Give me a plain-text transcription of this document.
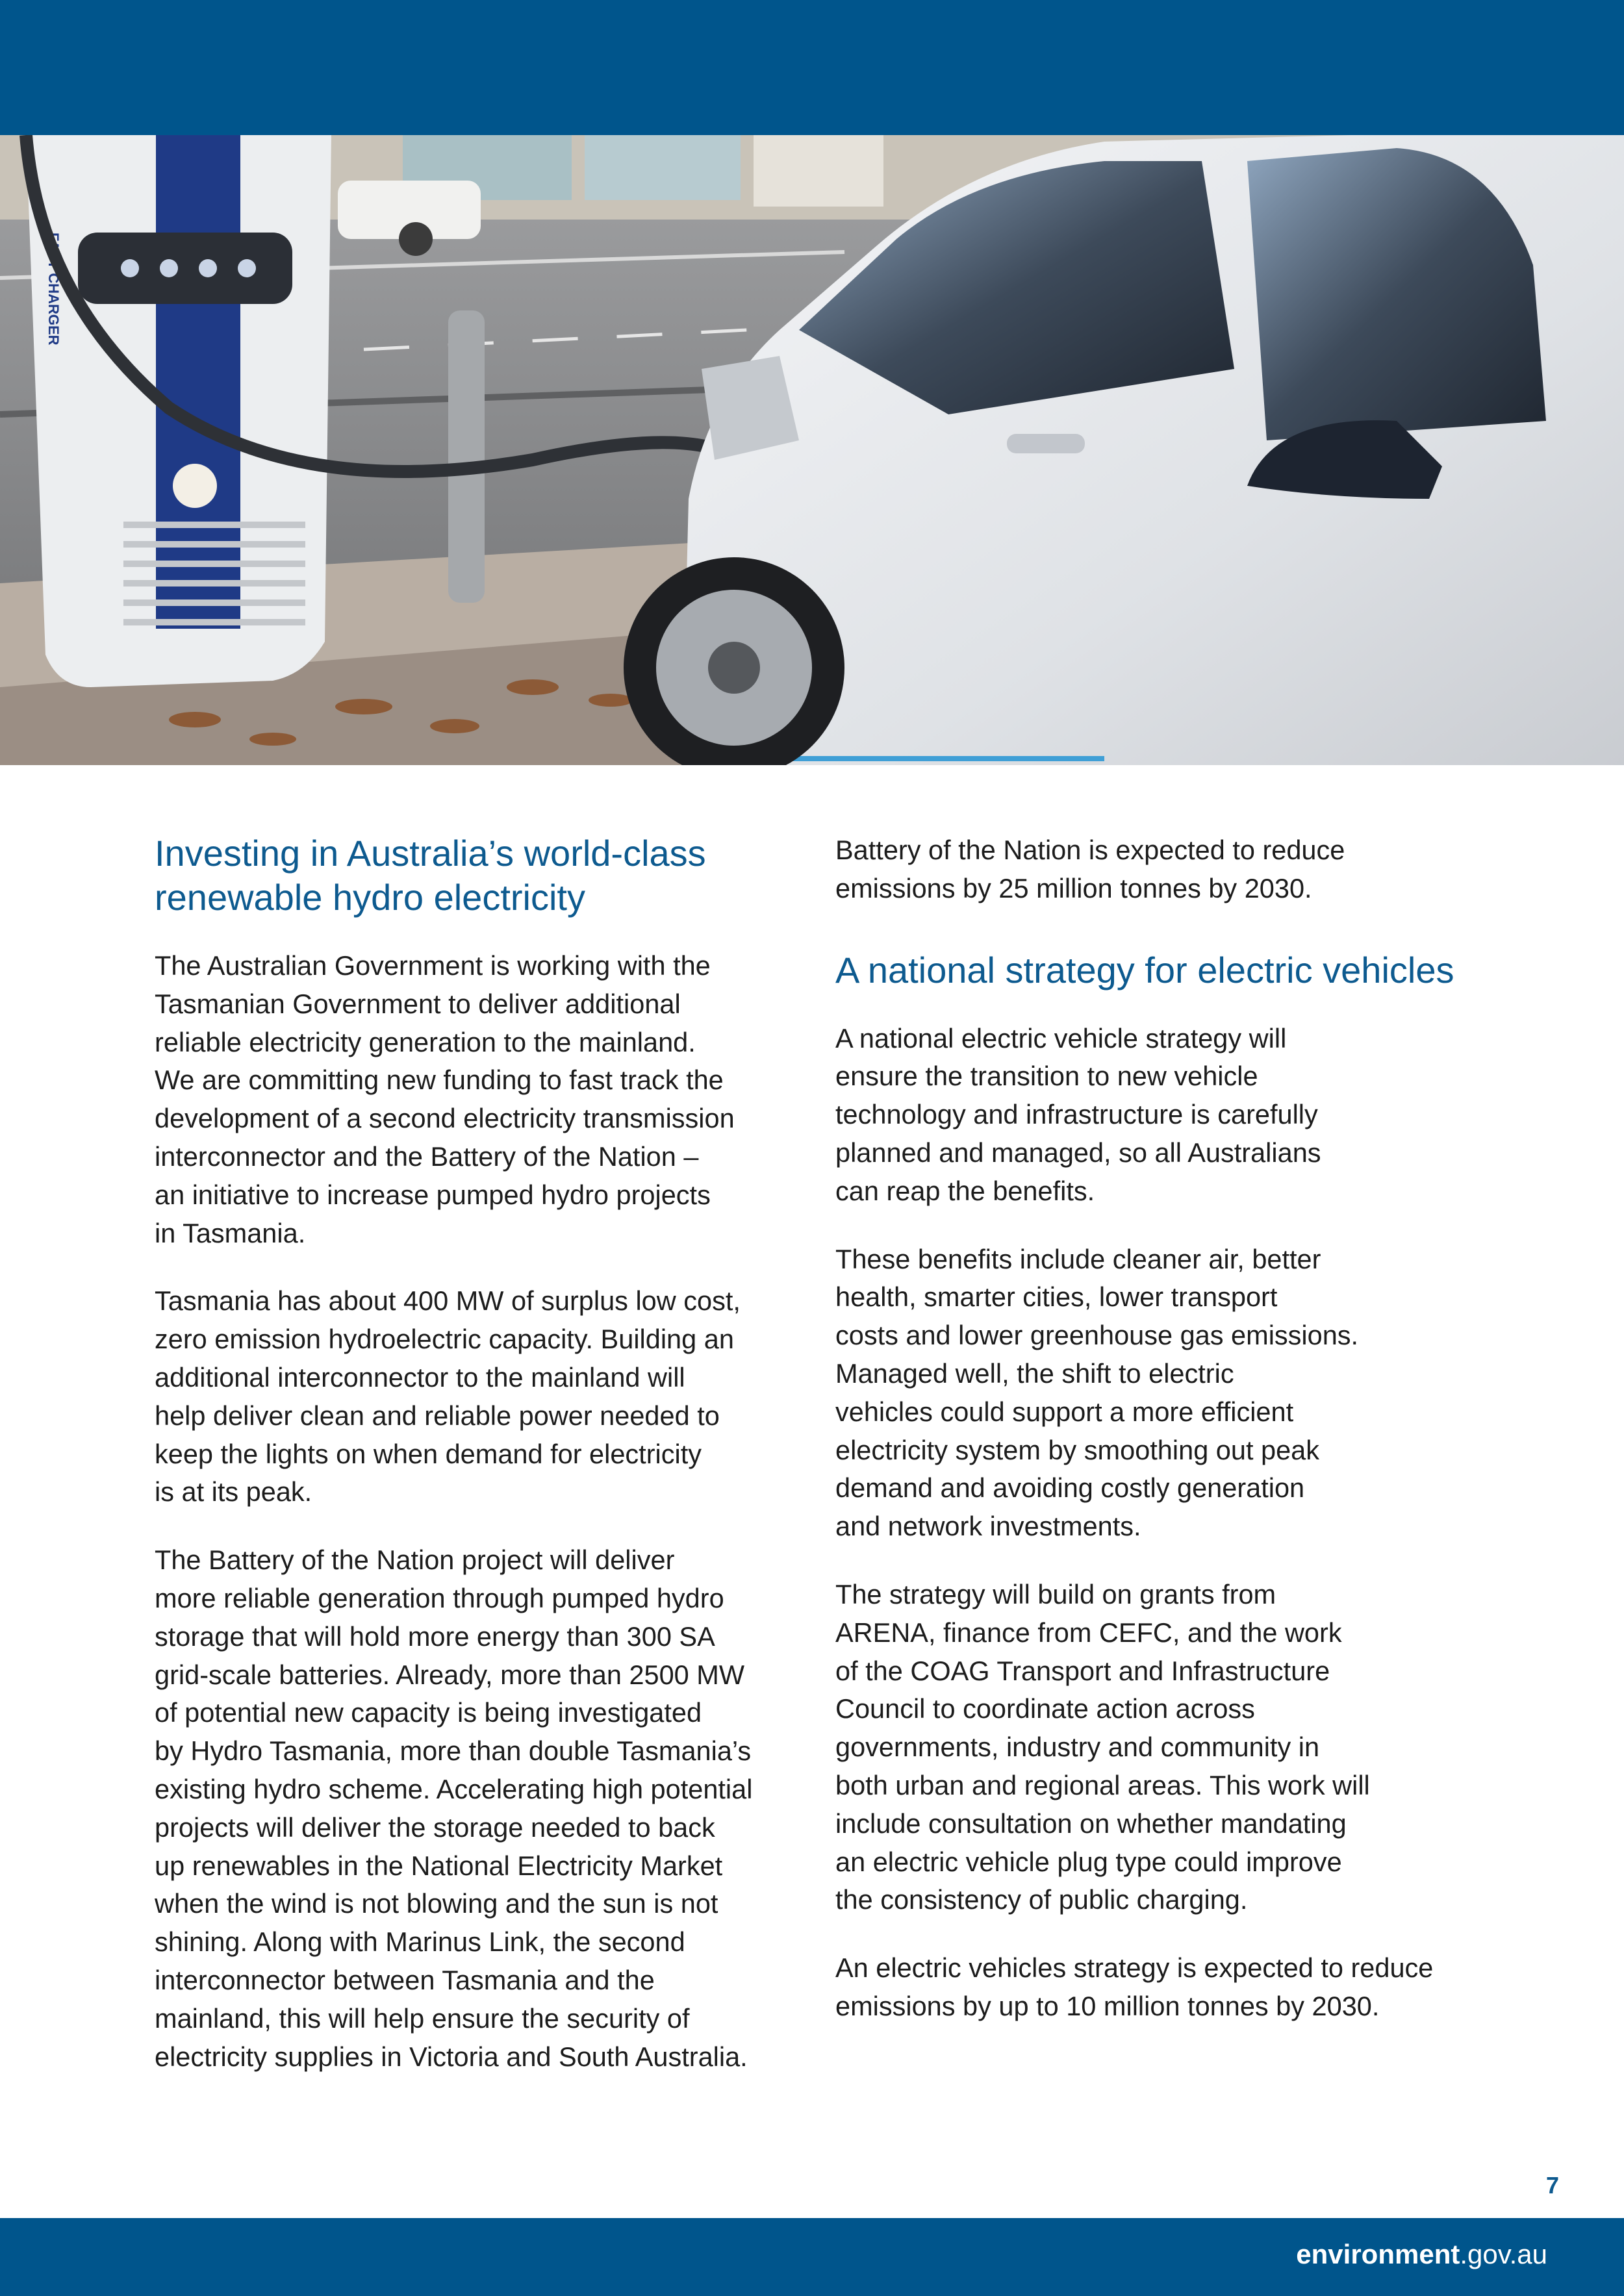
FAST CHARGER
Investing in Australia’s world-class
renewable hydro electricity

The Australian Government is working with the
Tasmanian Government to deliver additional
reliable electricity generation to the mainland.
We are committing new funding to fast track the
development of a second electricity transmission
interconnector and the Battery of the Nation –
an initiative to increase pumped hydro projects
in Tasmania.

Tasmania has about 400 MW of surplus low cost,
zero emission hydroelectric capacity. Building an
additional interconnector to the mainland will
help deliver clean and reliable power needed to
keep the lights on when demand for electricity
is at its peak.

The Battery of the Nation project will deliver
more reliable generation through pumped hydro
storage that will hold more energy than 300 SA
grid-scale batteries. Already, more than 2500 MW
of potential new capacity is being investigated
by Hydro Tasmania, more than double Tasmania’s
existing hydro scheme. Accelerating high potential
projects will deliver the storage needed to back
up renewables in the National Electricity Market
when the wind is not blowing and the sun is not
shining. Along with Marinus Link, the second
interconnector between Tasmania and the
mainland, this will help ensure the security of
electricity supplies in Victoria and South Australia.

Battery of the Nation is expected to reduce
emissions by 25 million tonnes by 2030.

A national strategy for electric vehicles

A national electric vehicle strategy will
ensure the transition to new vehicle
technology and infrastructure is carefully
planned and managed, so all Australians
can reap the benefits.

These benefits include cleaner air, better
health, smarter cities, lower transport
costs and lower greenhouse gas emissions.
Managed well, the shift to electric
vehicles could support a more efficient
electricity system by smoothing out peak
demand and avoiding costly generation
and network investments.

The strategy will build on grants from
ARENA, finance from CEFC, and the work
of the COAG Transport and Infrastructure
Council to coordinate action across
governments, industry and community in
both urban and regional areas. This work will
include consultation on whether mandating
an electric vehicle plug type could improve
the consistency of public charging.

An electric vehicles strategy is expected to reduce
emissions by up to 10 million tonnes by 2030.

7
environment.gov.au
